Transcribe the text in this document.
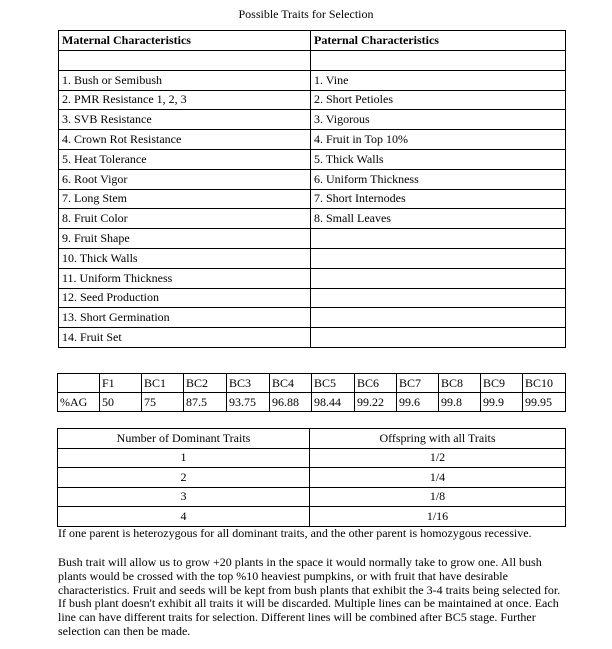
Possible Traits for Selection
Maternal Characteristics	Paternal Characteristics

1. Bush or Semibush	1. Vine
2. PMR Resistance 1, 2, 3	2. Short Petioles
3. SVB Resistance	3. Vigorous
4. Crown Rot Resistance	4. Fruit in Top 10%
5. Heat Tolerance	5. Thick Walls
6. Root Vigor	6. Uniform Thickness
7. Long Stem	7. Short Internodes
8. Fruit Color	8. Small Leaves
9. Fruit Shape	
10. Thick Walls	
11. Uniform Thickness	
12. Seed Production	
13. Short Germination	
14. Fruit Set	
	F1	BC1	BC2	BC3	BC4	BC5	BC6	BC7	BC8	BC9	BC10
%AG	50	75	87.5	93.75	96.88	98.44	99.22	99.6	99.8	99.9	99.95
Number of Dominant Traits	Offspring with all Traits
1	1/2
2	1/4
3	1/8
4	1/16
If one parent is heterozygous for all dominant traits, and the other parent is homozygous recessive.
Bush trait will allow us to grow +20 plants in the space it would normally take to grow one. All bush plants would be crossed with the top %10 heaviest pumpkins, or with fruit that have desirable characteristics. Fruit and seeds will be kept from bush plants that exhibit the 3-4 traits being selected for. If bush plant doesn't exhibit all traits it will be discarded. Multiple lines can be maintained at once. Each line can have different traits for selection. Different lines will be combined after BC5 stage. Further selection can then be made.
